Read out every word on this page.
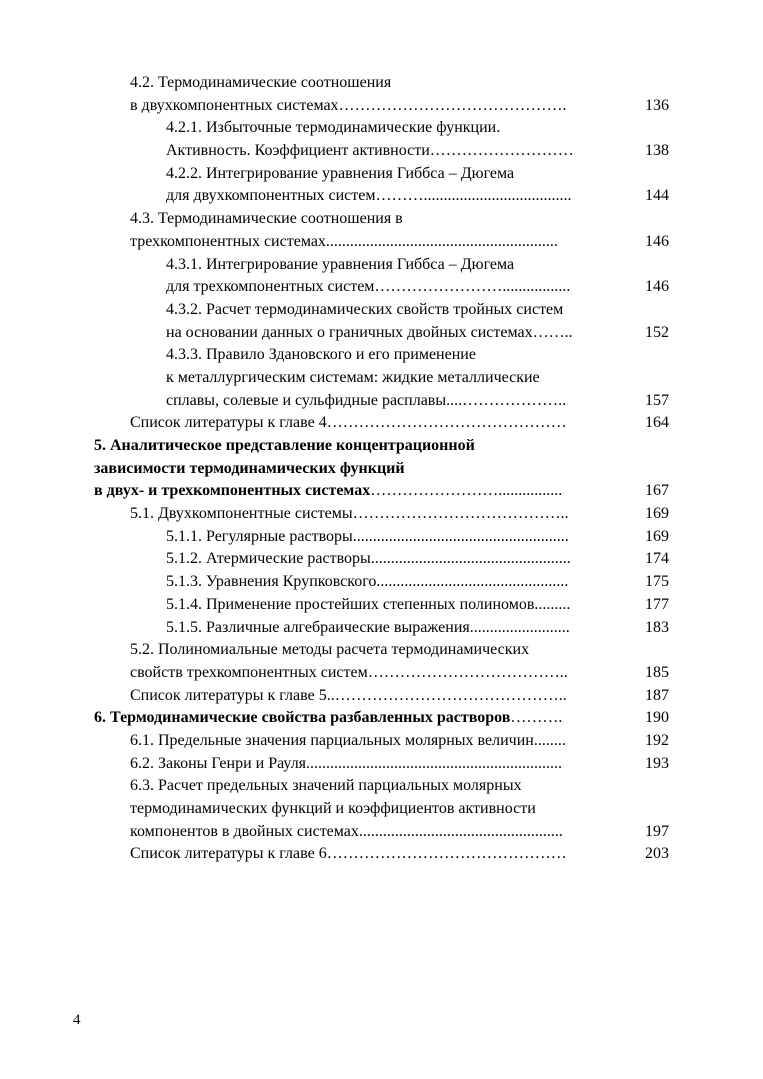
4.2. Термодинамические соотношения
в двухкомпонентных системах…………………………………….	136
4.2.1. Избыточные термодинамические функции.
Активность. Коэффициент активности………………………	138
4.2.2. Интегрирование уравнения Гиббса – Дюгема
для двухкомпонентных систем……….....................................	144
4.3. Термодинамические соотношения в
трехкомпонентных системах..........................................................	146
4.3.1. Интегрирование уравнения Гиббса – Дюгема
для трехкомпонентных систем…………………….................	146
4.3.2. Расчет термодинамических свойств тройных систем
на основании данных о граничных двойных системах……..	152
4.3.3. Правило Здановского и его применение
к металлургическим системам: жидкие металлические
сплавы, солевые и сульфидные расплавы....………………..	157
Список литературы к главе 4………………………………………	164
5. Аналитическое представление концентрационной
зависимости термодинамических функций
в двух- и трехкомпонентных системах……………………................	167
5.1. Двухкомпонентные системы…………………………………..	169
5.1.1. Регулярные растворы......................................................	169
5.1.2. Атермические растворы..................................................	174
5.1.3. Уравнения Крупковского................................................	175
5.1.4. Применение простейших степенных полиномов.........	177
5.1.5. Различные алгебраические выражения.........................	183
5.2. Полиномиальные методы расчета термодинамических
свойств трехкомпонентных систем………………………………..	185
Список литературы к главе 5..……………………………………..	187
6. Термодинамические свойства разбавленных растворов……….	190
6.1. Предельные значения парциальных молярных величин........	192
6.2. Законы Генри и Рауля................................................................	193
6.3. Расчет предельных значений парциальных молярных
термодинамических функций и коэффициентов активности
компонентов в двойных системах...................................................	197
Список литературы к главе 6………………………………………	203
4
